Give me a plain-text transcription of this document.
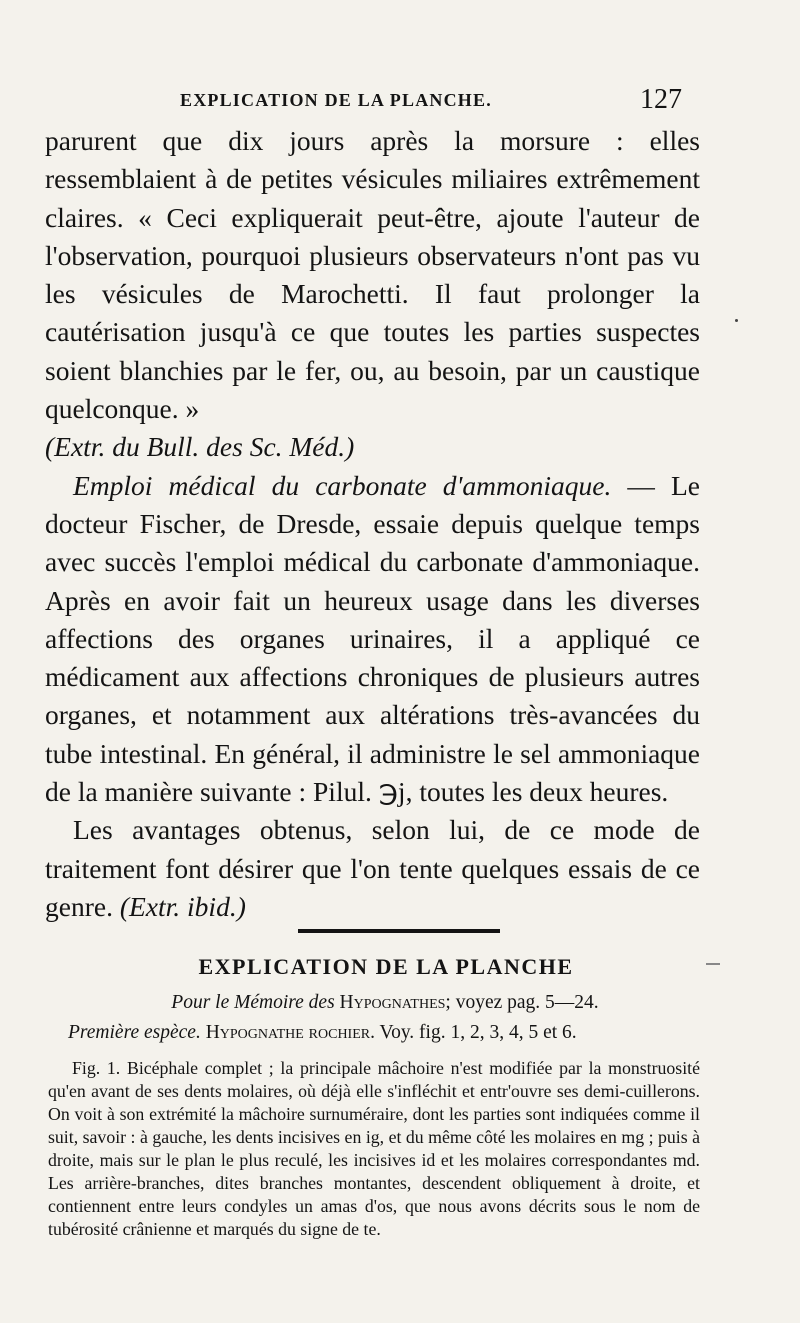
EXPLICATION DE LA PLANCHE.	127

parurent que dix jours après la morsure : elles ressemblaient à de petites vésicules miliaires extrêmement claires. « Ceci expliquerait peut-être, ajoute l'auteur de l'observation, pourquoi plusieurs observateurs n'ont pas vu les vésicules de Marochetti. Il faut prolonger la cautérisation jusqu'à ce que toutes les parties suspectes soient blanchies par le fer, ou, au besoin, par un caustique quelconque. »
(Extr. du Bull. des Sc. Méd.)

Emploi médical du carbonate d'ammoniaque. — Le docteur Fischer, de Dresde, essaie depuis quelque temps avec succès l'emploi médical du carbonate d'ammoniaque. Après en avoir fait un heureux usage dans les diverses affections des organes urinaires, il a appliqué ce médicament aux affections chroniques de plusieurs autres organes, et notamment aux altérations très-avancées du tube intestinal. En général, il administre le sel ammoniaque de la manière suivante : Pilul. ℈j, toutes les deux heures.

Les avantages obtenus, selon lui, de ce mode de traitement font désirer que l'on tente quelques essais de ce genre. (Extr. ibid.)

EXPLICATION DE LA PLANCHE
Pour le Mémoire des Hypognathes; voyez pag. 5—24.
Première espèce. Hypognathe rochier. Voy. fig. 1, 2, 3, 4, 5 et 6.

Fig. 1. Bicéphale complet ; la principale mâchoire n'est modifiée par la monstruosité qu'en avant de ses dents molaires, où déjà elle s'infléchit et entr'ouvre ses demi-cuillerons. On voit à son extrémité la mâchoire surnuméraire, dont les parties sont indiquées comme il suit, savoir : à gauche, les dents incisives en ig, et du même côté les molaires en mg ; puis à droite, mais sur le plan le plus reculé, les incisives id et les molaires correspondantes md. Les arrière-branches, dites branches montantes, descendent obliquement à droite, et contiennent entre leurs condyles un amas d'os, que nous avons décrits sous le nom de tubérosité crânienne et marqués du signe de te.
